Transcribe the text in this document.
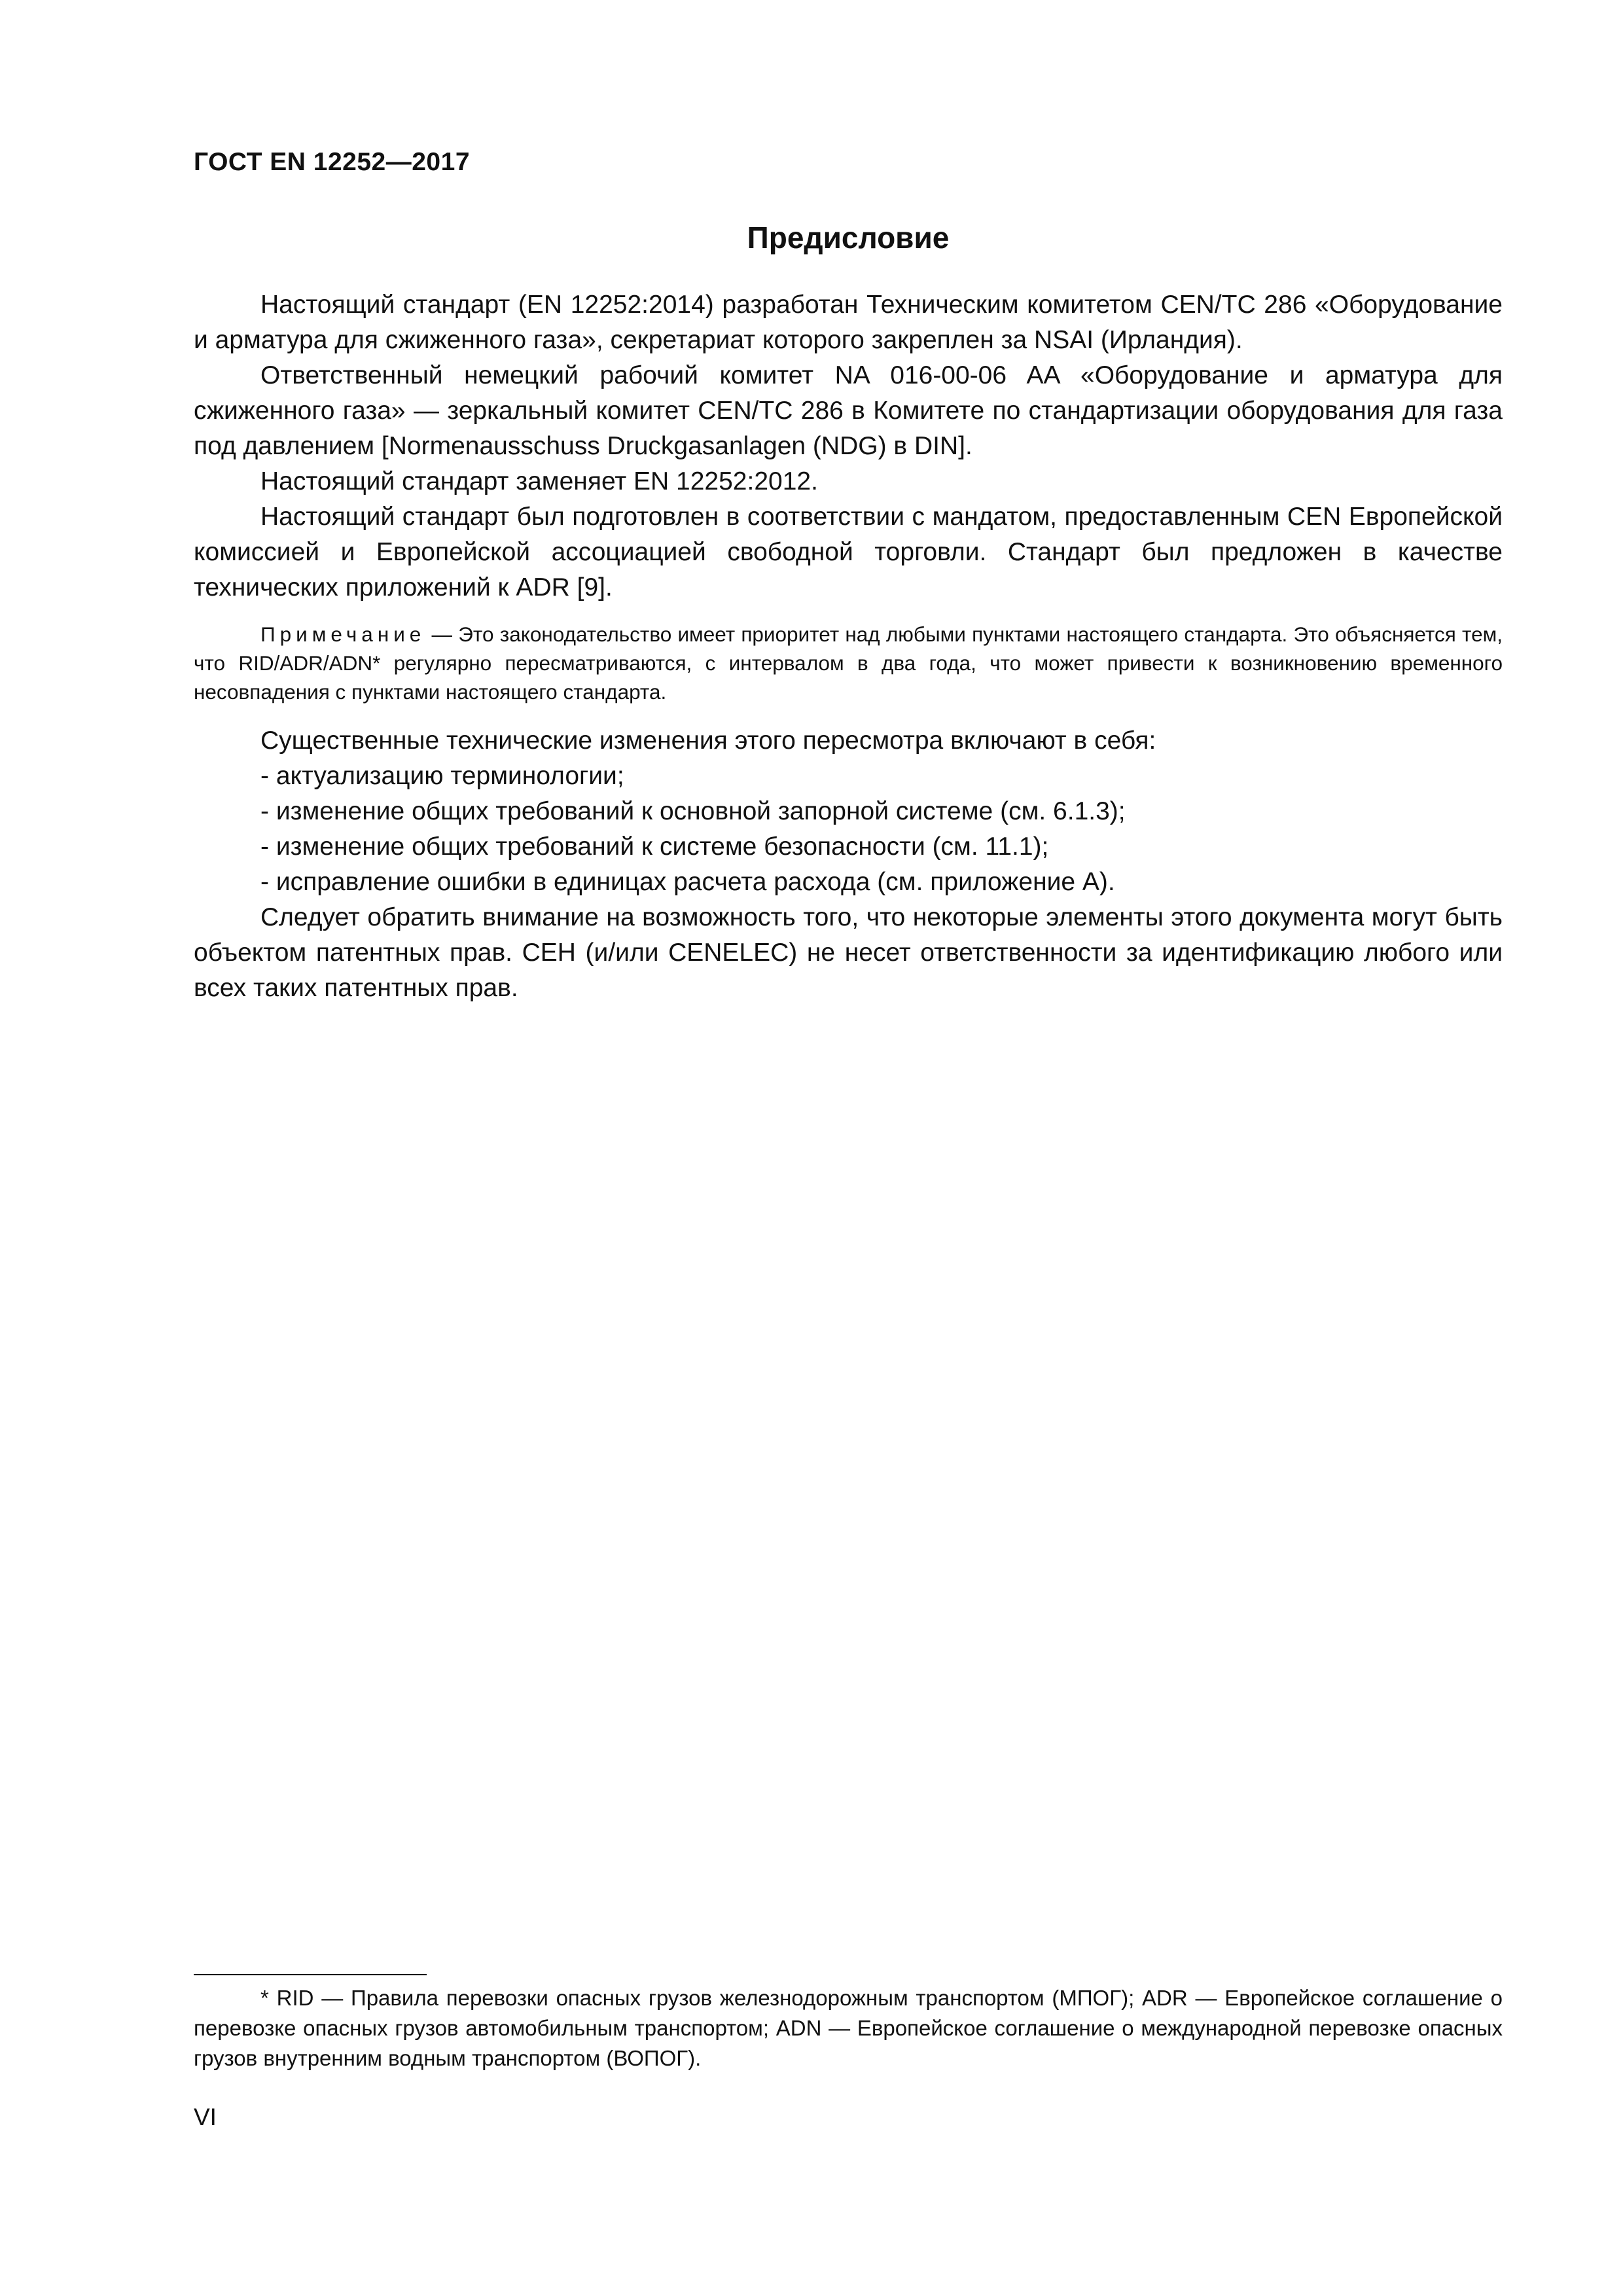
ГОСТ EN 12252—2017
Предисловие

Настоящий стандарт (EN 12252:2014) разработан Техническим комитетом CEN/TC 286 «Оборудование и арматура для сжиженного газа», секретариат которого закреплен за NSAI (Ирландия).

Ответственный немецкий рабочий комитет NA 016-00-06 AA «Оборудование и арматура для сжиженного газа» — зеркальный комитет CEN/TC 286 в Комитете по стандартизации оборудования для газа под давлением [Normenausschuss Druckgasanlagen (NDG) в DIN].

Настоящий стандарт заменяет EN 12252:2012.

Настоящий стандарт был подготовлен в соответствии с мандатом, предоставленным CEN Европейской комиссией и Европейской ассоциацией свободной торговли. Стандарт был предложен в качестве технических приложений к ADR [9].

Примечание — Это законодательство имеет приоритет над любыми пунктами настоящего стандарта. Это объясняется тем, что RID/ADR/ADN* регулярно пересматриваются, с интервалом в два года, что может привести к возникновению временного несовпадения с пунктами настоящего стандарта.

Существенные технические изменения этого пересмотра включают в себя:

- актуализацию терминологии;
- изменение общих требований к основной запорной системе (см. 6.1.3);
- изменение общих требований к системе безопасности (см. 11.1);
- исправление ошибки в единицах расчета расхода (см. приложение А).

Следует обратить внимание на возможность того, что некоторые элементы этого документа могут быть объектом патентных прав. СЕН (и/или CENELEC) не несет ответственности за идентификацию любого или всех таких патентных прав.

* RID — Правила перевозки опасных грузов железнодорожным транспортом (МПОГ); ADR — Европейское соглашение о перевозке опасных грузов автомобильным транспортом; ADN — Европейское соглашение о международной перевозке опасных грузов внутренним водным транспортом (ВОПОГ).

VI
